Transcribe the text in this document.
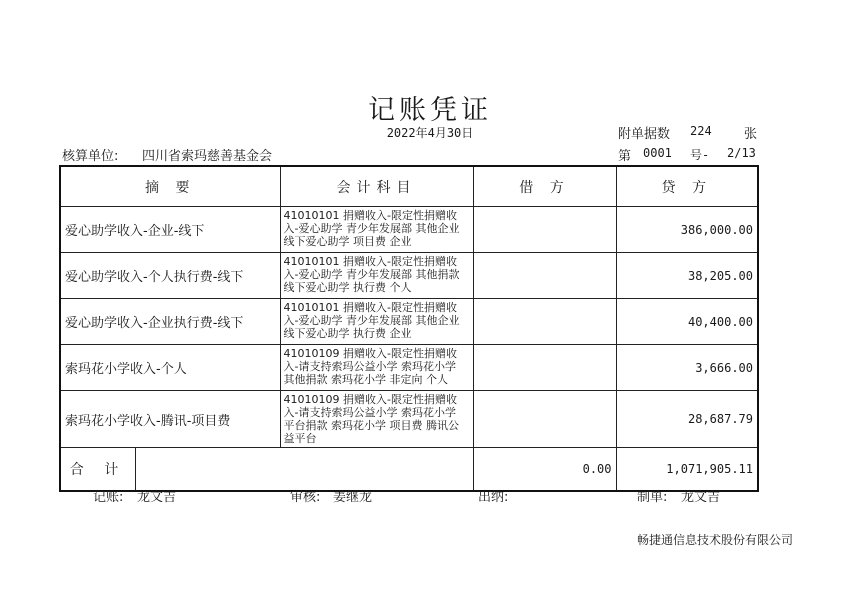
记账凭证
2022年4月30日	附单据数 224 张
核算单位: 四川省索玛慈善基金会	第 0001 号- 2/13
摘 要	会计科目	借 方	贷 方
爱心助学收入-企业-线下	41010101 捐赠收入-限定性捐赠收入-爱心助学 青少年发展部 其他企业 线下爱心助学 项目费 企业		386,000.00
爱心助学收入-个人执行费-线下	41010101 捐赠收入-限定性捐赠收入-爱心助学 青少年发展部 其他捐款 线下爱心助学 执行费 个人		38,205.00
爱心助学收入-企业执行费-线下	41010101 捐赠收入-限定性捐赠收入-爱心助学 青少年发展部 其他企业 线下爱心助学 执行费 企业		40,400.00
索玛花小学收入-个人	41010109 捐赠收入-限定性捐赠收入-请支持索玛公益小学 索玛花小学 其他捐款 索玛花小学 非定向 个人		3,666.00
索玛花小学收入-腾讯-项目费	41010109 捐赠收入-限定性捐赠收入-请支持索玛公益小学 索玛花小学 平台捐款 索玛花小学 项目费 腾讯公益平台		28,687.79

合 计		0.00	1,071,905.11
记账: 龙文吉	审核: 姜继龙	出纳:	制单: 龙文吉
畅捷通信息技术股份有限公司
